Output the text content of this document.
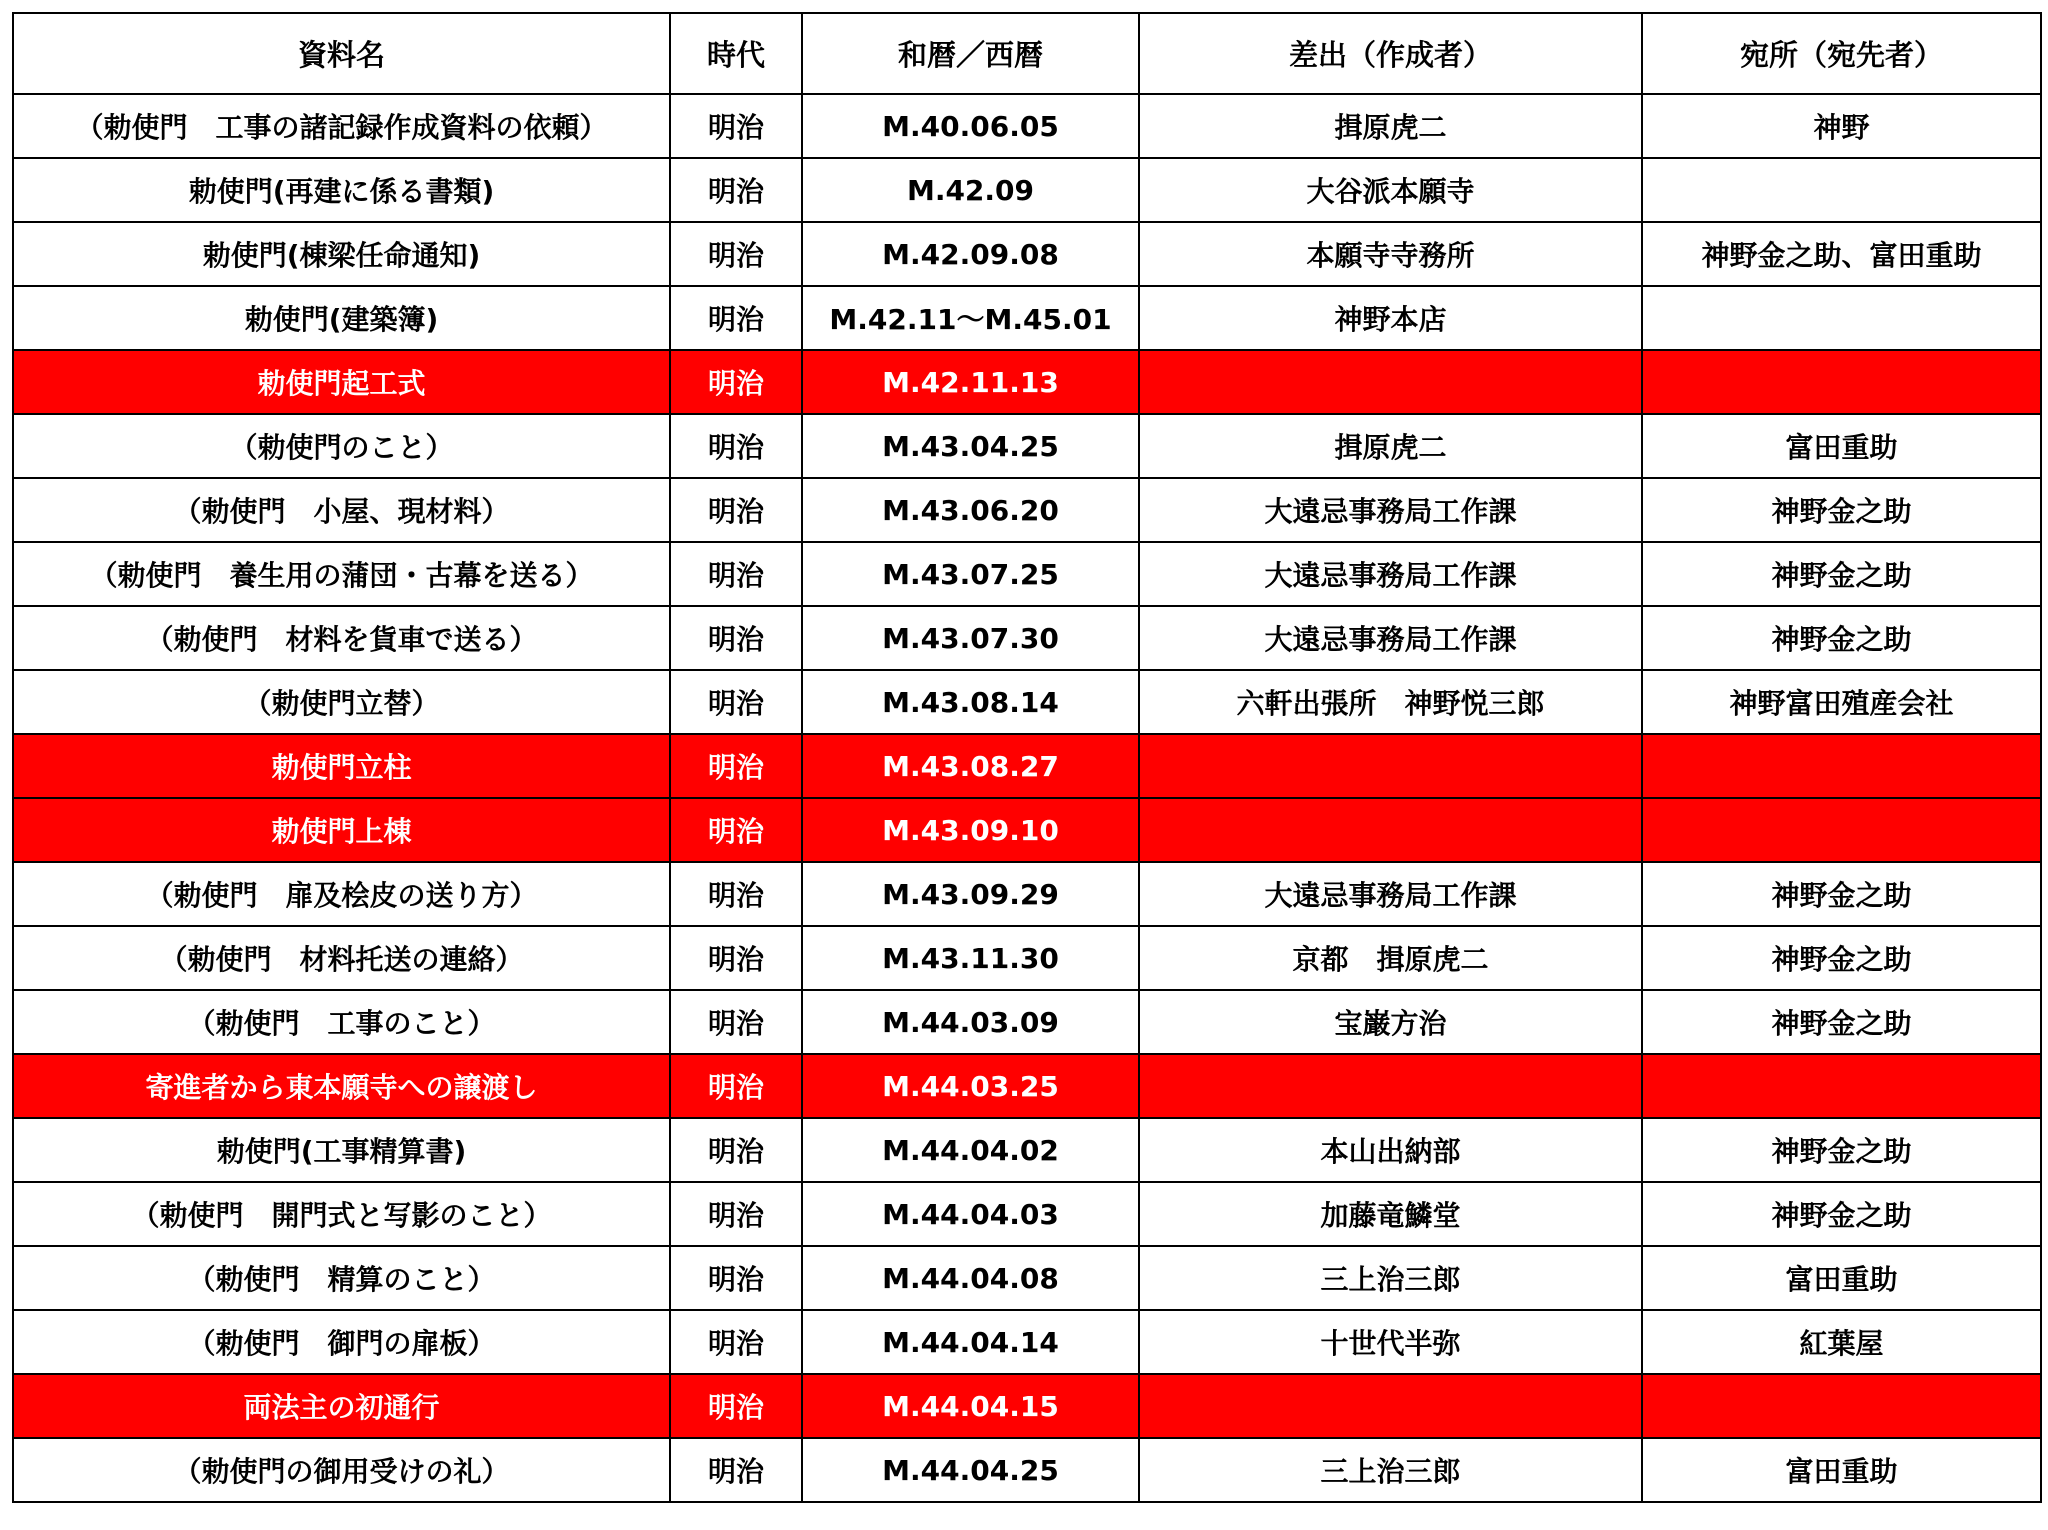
資料名	時代	和暦／西暦	差出（作成者）	宛所（宛先者）
（勅使門　工事の諸記録作成資料の依頼）	明治	M.40.06.05	揖原虎二	神野
勅使門(再建に係る書類)	明治	M.42.09	大谷派本願寺	
勅使門(棟梁任命通知)	明治	M.42.09.08	本願寺寺務所	神野金之助、富田重助
勅使門(建築簿)	明治	M.42.11～M.45.01	神野本店	
勅使門起工式	明治	M.42.11.13		
（勅使門のこと）	明治	M.43.04.25	揖原虎二	富田重助
（勅使門　小屋、現材料）	明治	M.43.06.20	大遠忌事務局工作課	神野金之助
（勅使門　養生用の蒲団・古幕を送る）	明治	M.43.07.25	大遠忌事務局工作課	神野金之助
（勅使門　材料を貨車で送る）	明治	M.43.07.30	大遠忌事務局工作課	神野金之助
（勅使門立替）	明治	M.43.08.14	六軒出張所　神野悦三郎	神野富田殖産会社
勅使門立柱	明治	M.43.08.27		
勅使門上棟	明治	M.43.09.10		
（勅使門　扉及桧皮の送り方）	明治	M.43.09.29	大遠忌事務局工作課	神野金之助
（勅使門　材料托送の連絡）	明治	M.43.11.30	京都　揖原虎二	神野金之助
（勅使門　工事のこと）	明治	M.44.03.09	宝巌方治	神野金之助
寄進者から東本願寺への譲渡し	明治	M.44.03.25		
勅使門(工事精算書)	明治	M.44.04.02	本山出納部	神野金之助
（勅使門　開門式と写影のこと）	明治	M.44.04.03	加藤竜鱗堂	神野金之助
（勅使門　精算のこと）	明治	M.44.04.08	三上治三郎	富田重助
（勅使門　御門の扉板）	明治	M.44.04.14	十世代半弥	紅葉屋
両法主の初通行	明治	M.44.04.15		
（勅使門の御用受けの礼）	明治	M.44.04.25	三上治三郎	富田重助
